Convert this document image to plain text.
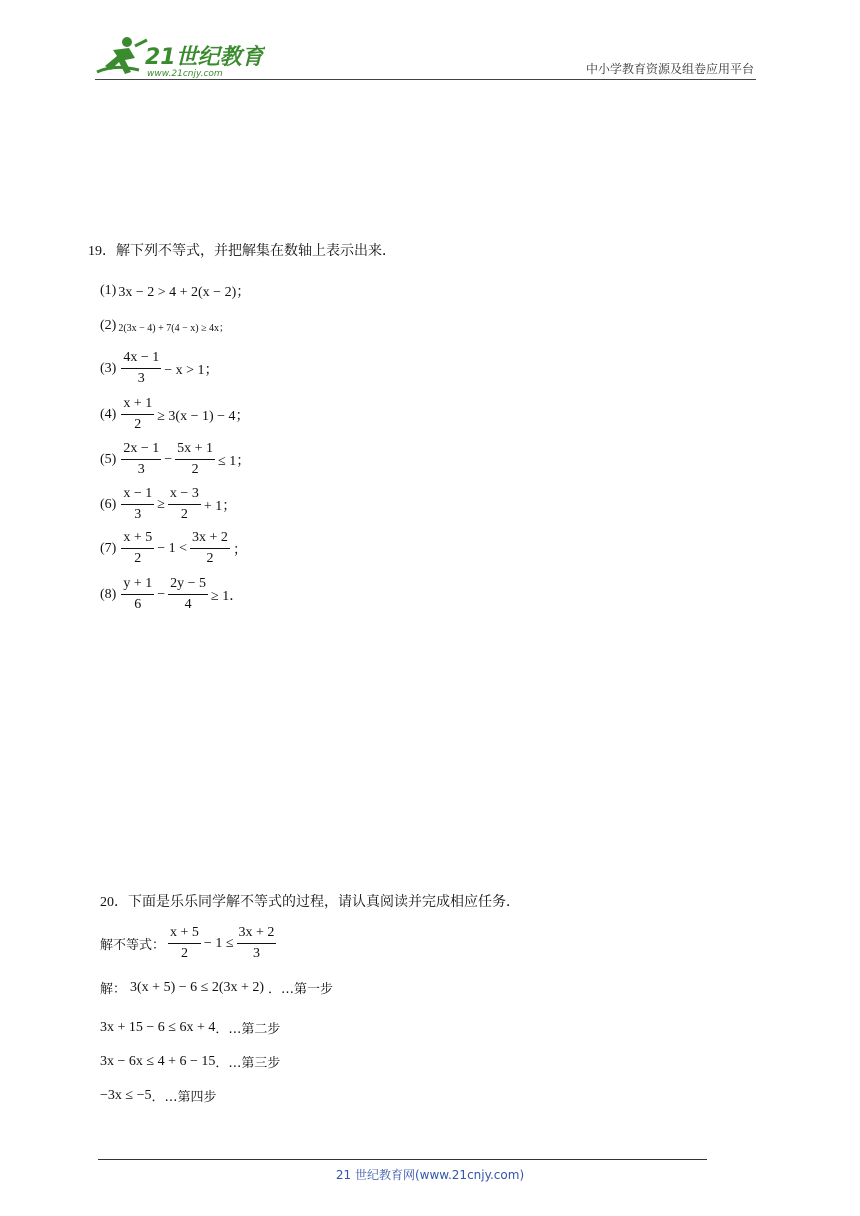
21世纪教育
www.21cnjy.com	中小学教育资源及组卷应用平台
19．解下列不等式，并把解集在数轴上表示出来．
(1) 3x − 2 > 4 + 2(x − 2)；
(2) 2(3x − 4) + 7(4 − x) ≥ 4x；
$(3) \frac{4x - 1}{3} - x > 1$；
$(4) \frac{x + 1}{2} \ge 3(x - 1) - 4$；
$(5) \frac{2x - 1}{3} - \frac{5x + 1}{2} \le 1$；
$(6) \frac{x - 1}{3} \ge \frac{x - 3}{2} + 1$；
$(7) \frac{x + 5}{2} - 1 < \frac{3x + 2}{2}$ ；
$(8) \frac{y + 1}{6} - \frac{2y - 5}{4} \ge 1$．
20．下面是乐乐同学解不等式的过程，请认真阅读并完成相应任务．
解不等式： $\frac{x + 5}{2} - 1 \le \frac{3x + 2}{3}$
解： 3(x + 5) − 6 ≤ 2(3x + 2) ．…第一步
3x + 15 − 6 ≤ 6x + 4 ．…第二步
3x − 6x ≤ 4 + 6 − 15 ．…第三步
−3x ≤ −5 ．…第四步
21 世纪教育网(www.21cnjy.com)
